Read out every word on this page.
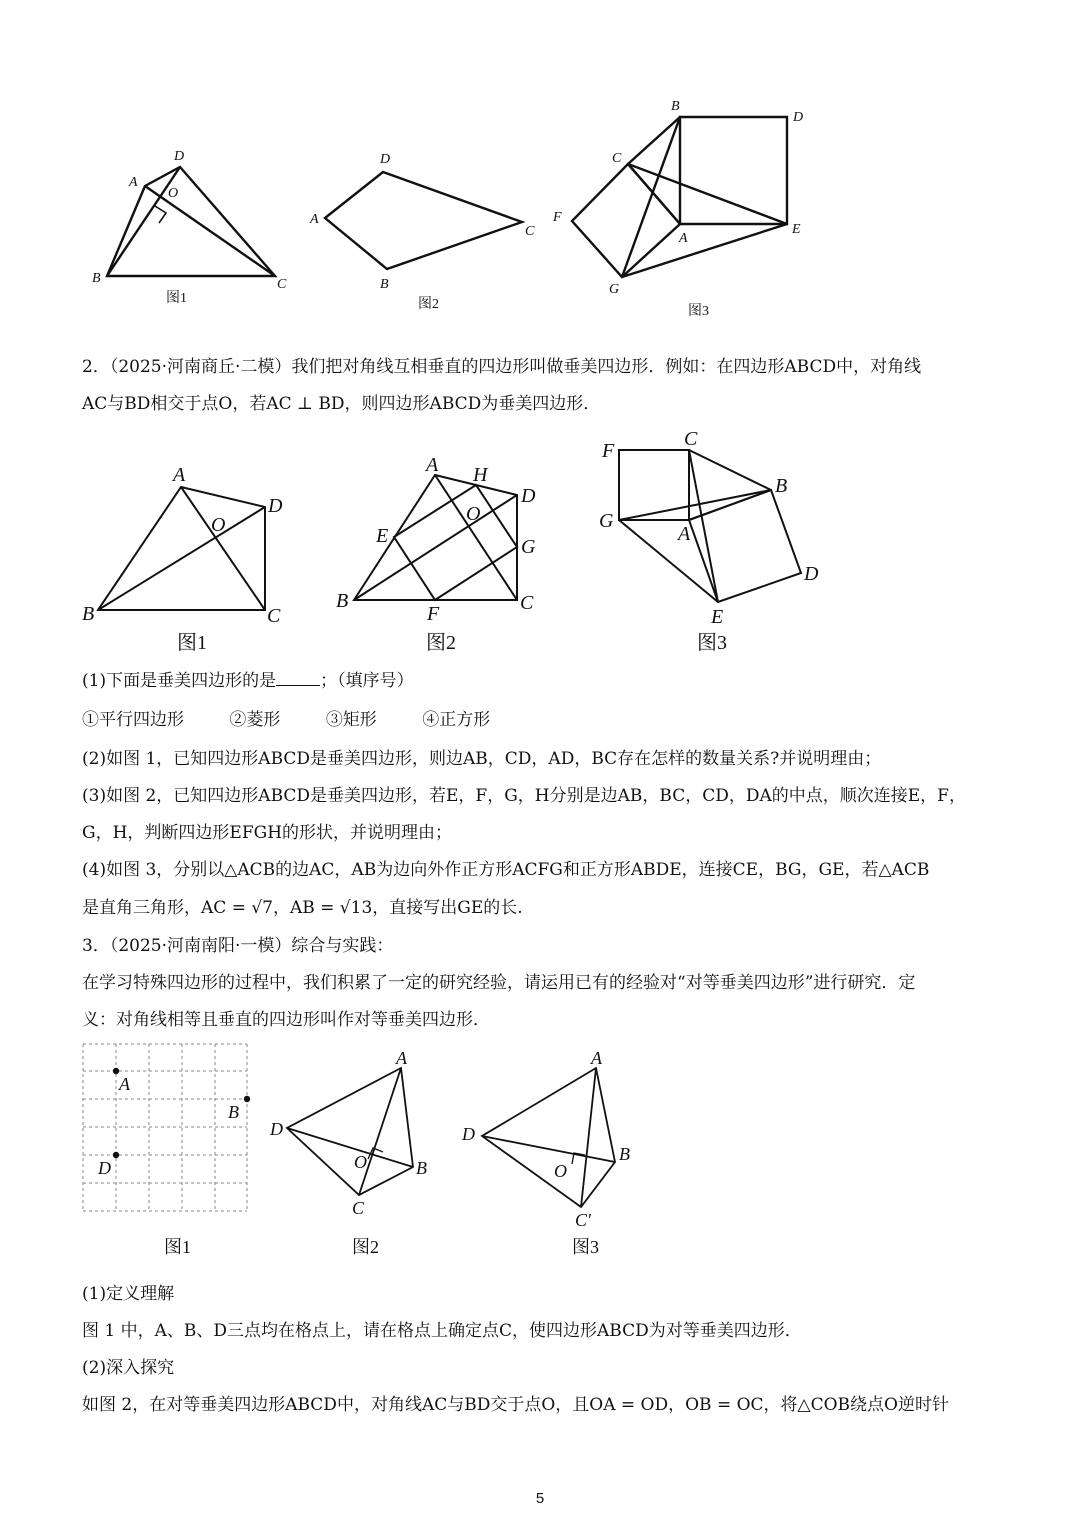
D
A
O
B	C
D
A
C
B
B
D
C
F
A
E
G
图1	图2	图3
2．（2025·河南商丘·二模）我们把对角线互相垂直的四边形叫做垂美四边形．例如：在四边形ABCD中，对角线
AC与BD相交于点O，若AC ⊥ BD，则四边形ABCD为垂美四边形．
A
D
O
B	C
A H
D
O
E	G
B
F	C
F
C
B
G
A
D
E
图1	图2	图3
(1)下面是垂美四边形的是	；（填序号）
①平行四边形	②菱形	③矩形	④正方形
(2)如图 1，已知四边形ABCD是垂美四边形，则边AB，CD，AD，BC存在怎样的数量关系?并说明理由；
(3)如图 2，已知四边形ABCD是垂美四边形，若E，F，G，H分别是边AB，BC，CD，DA的中点，顺次连接E，F，
G，H，判断四边形EFGH的形状，并说明理由；
(4)如图 3，分别以△ACB的边AC，AB为边向外作正方形ACFG和正方形ABDE，连接CE，BG，GE，若△ACB
是直角三角形，AC = √7，AB = √13，直接写出GE的长.
3．（2025·河南南阳·一模）综合与实践：
在学习特殊四边形的过程中，我们积累了一定的研究经验，请运用已有的经验对“对等垂美四边形”进行研究．定
义：对角线相等且垂直的四边形叫作对等垂美四边形．
A
B
D
A
D
O	B
C
A
D
O
B
C′
图1	图2	图3
(1)定义理解
图 1 中，A、B、D三点均在格点上，请在格点上确定点C，使四边形ABCD为对等垂美四边形．
(2)深入探究
如图 2，在对等垂美四边形ABCD中，对角线AC与BD交于点O，且OA = OD，OB = OC，将△COB绕点O逆时针
5
